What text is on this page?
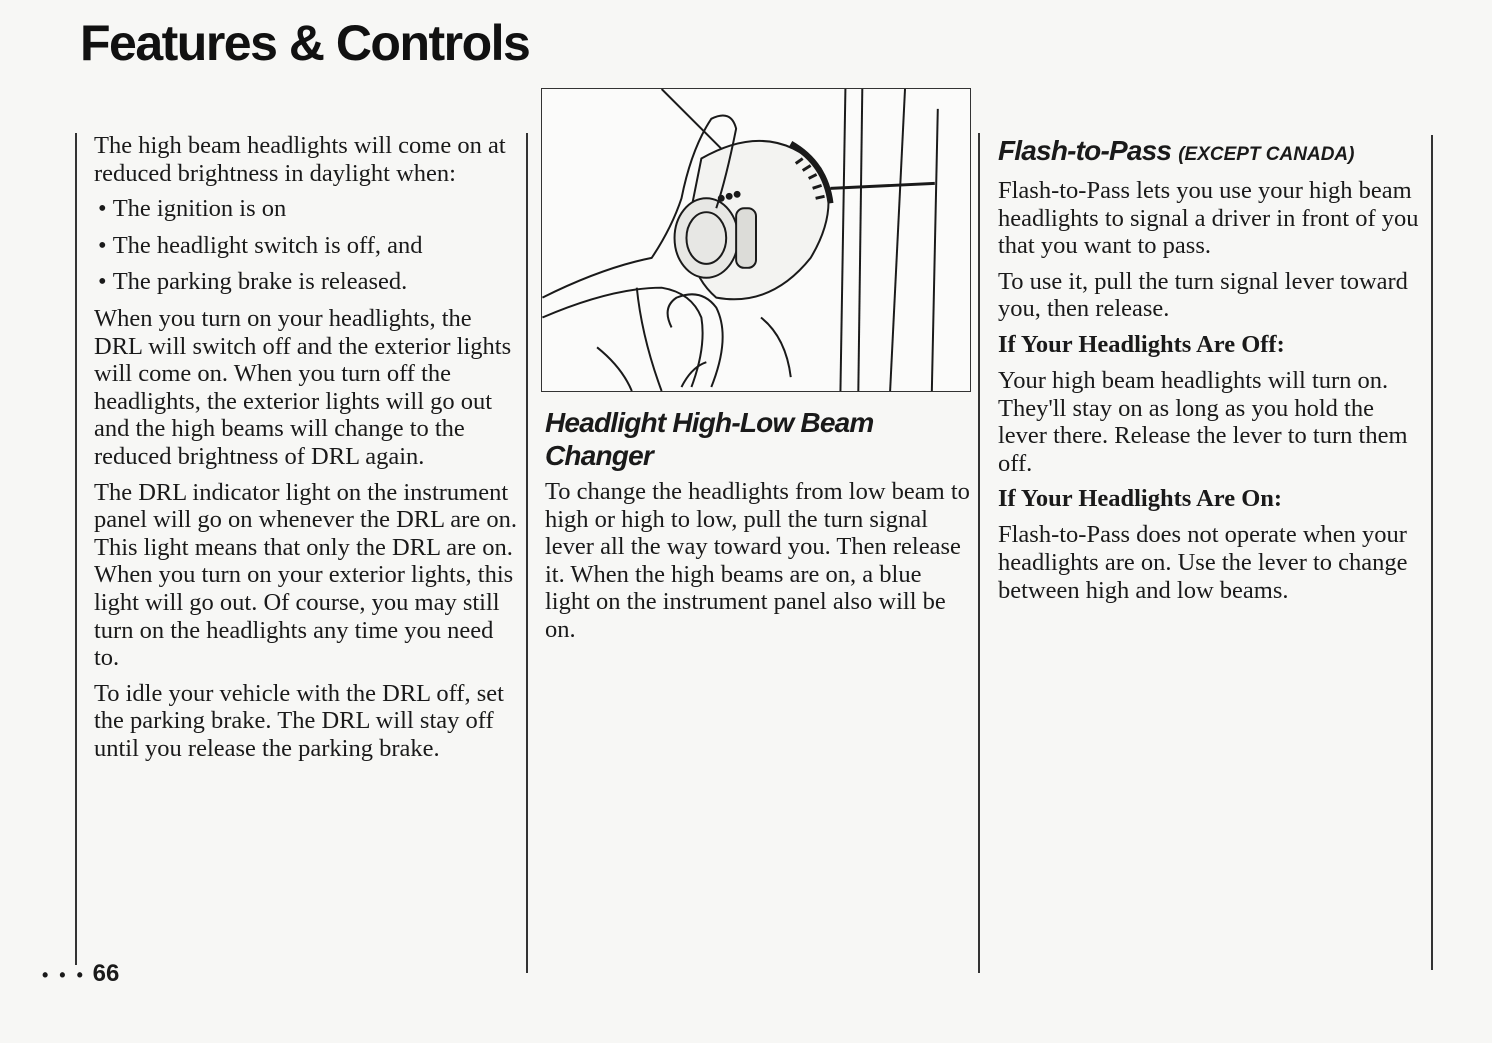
Features & Controls

The high beam headlights will come on at reduced brightness in daylight when:

• The ignition is on
• The headlight switch is off, and
• The parking brake is released.

When you turn on your headlights, the DRL will switch off and the exterior lights will come on. When you turn off the headlights, the exterior lights will go out and the high beams will change to the reduced brightness of DRL again.

The DRL indicator light on the instrument panel will go on whenever the DRL are on. This light means that only the DRL are on. When you turn on your exterior lights, this light will go out. Of course, you may still turn on the headlights any time you need to.

To idle your vehicle with the DRL off, set the parking brake. The DRL will stay off until you release the parking brake.

Headlight High-Low Beam Changer

To change the headlights from low beam to high or high to low, pull the turn signal lever all the way toward you. Then release it. When the high beams are on, a blue light on the instrument panel also will be on.

Flash-to-Pass (EXCEPT CANADA)

Flash-to-Pass lets you use your high beam headlights to signal a driver in front of you that you want to pass.

To use it, pull the turn signal lever toward you, then release.

If Your Headlights Are Off:

Your high beam headlights will turn on. They'll stay on as long as you hold the lever there. Release the lever to turn them off.

If Your Headlights Are On:

Flash-to-Pass does not operate when your headlights are on. Use the lever to change between high and low beams.

• • • 66
